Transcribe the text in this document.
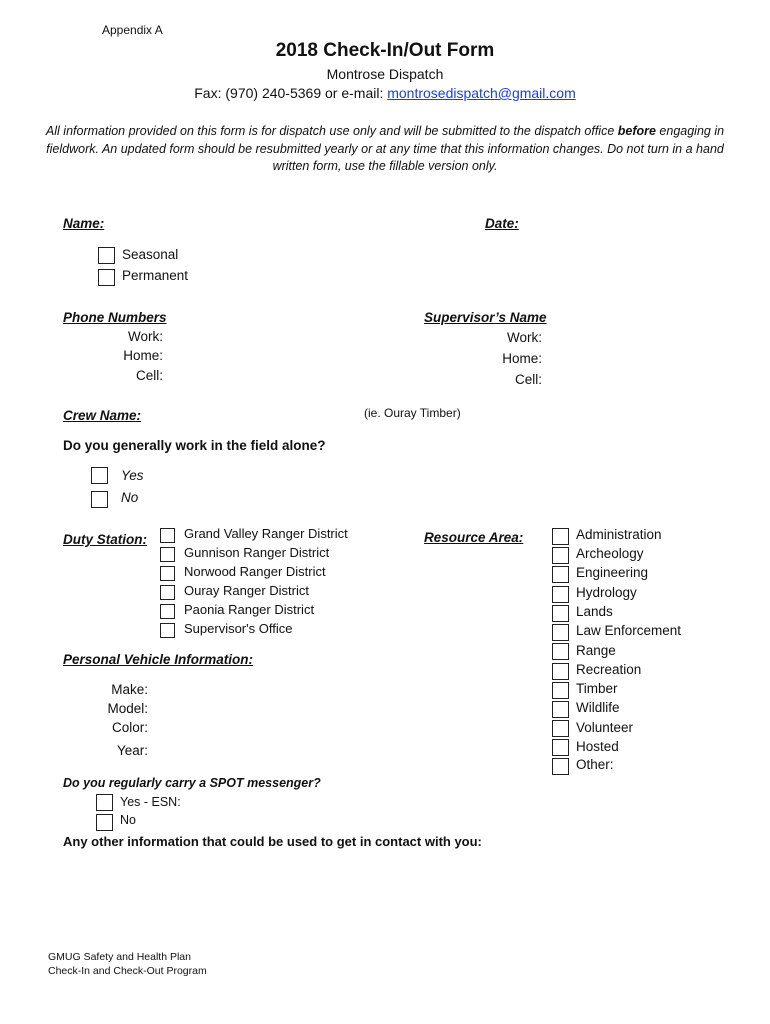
Appendix A
2018 Check-In/Out Form
Montrose Dispatch
Fax: (970) 240-5369 or e-mail: montrosedispatch@gmail.com
All information provided on this form is for dispatch use only and will be submitted to the dispatch office before engaging in fieldwork. An updated form should be resubmitted yearly or at any time that this information changes. Do not turn in a hand written form, use the fillable version only.
Name:	Date:
Seasonal
Permanent
Phone Numbers
Work:
Home:
Cell:
Supervisor’s Name
Work:
Home:
Cell:
Crew Name:	(ie. Ouray Timber)
Do you generally work in the field alone?
Yes
No
Duty Station:	Grand Valley Ranger District
Gunnison Ranger District
Norwood Ranger District
Ouray Ranger District
Paonia Ranger District
Supervisor's Office
Resource Area:	Administration
Archeology
Engineering
Hydrology
Lands
Law Enforcement
Range
Recreation
Timber
Wildlife
Volunteer
Hosted
Other:
Personal Vehicle Information:
Make:
Model:
Color:
Year:
Do you regularly carry a SPOT messenger?
Yes - ESN:
No
Any other information that could be used to get in contact with you:
GMUG Safety and Health Plan
Check-In and Check-Out Program
